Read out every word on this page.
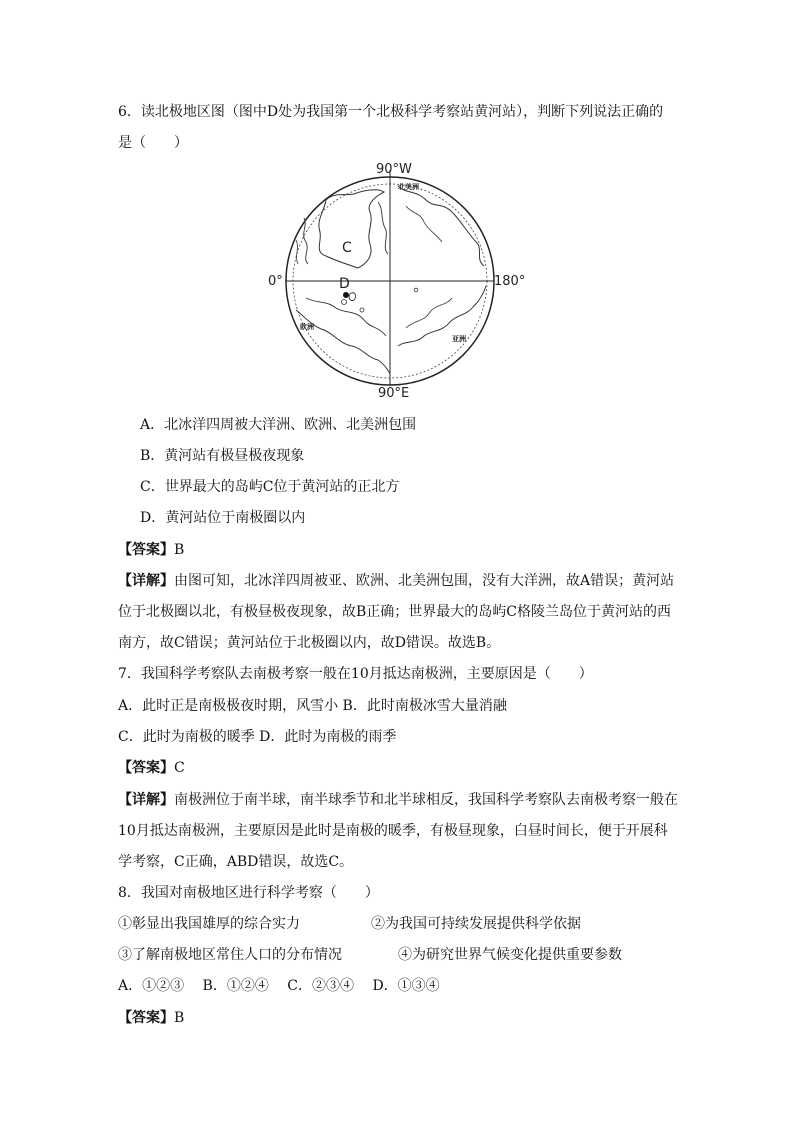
6．读北极地区图（图中D处为我国第一个北极科学考察站黄河站），判断下列说法正确的
是（　　）
90°W
90°E
0°	180°
C
D
北美洲
欧洲
亚洲
A．北冰洋四周被大洋洲、欧洲、北美洲包围
B．黄河站有极昼极夜现象
C．世界最大的岛屿C位于黄河站的正北方
D．黄河站位于南极圈以内
【答案】B
【详解】由图可知，北冰洋四周被亚、欧洲、北美洲包围，没有大洋洲，故A错误；黄河站
位于北极圈以北，有极昼极夜现象，故B正确；世界最大的岛屿C格陵兰岛位于黄河站的西
南方，故C错误；黄河站位于北极圈以内，故D错误。故选B。
7．我国科学考察队去南极考察一般在10月抵达南极洲，主要原因是（　　）
A．此时正是南极极夜时期，风雪小 B．此时南极冰雪大量消融
C．此时为南极的暖季 D．此时为南极的雨季
【答案】C
【详解】南极洲位于南半球，南半球季节和北半球相反，我国科学考察队去南极考察一般在
10月抵达南极洲，主要原因是此时是南极的暖季，有极昼现象，白昼时间长，便于开展科
学考察，C正确，ABD错误，故选C。
8．我国对南极地区进行科学考察（　　）
①彰显出我国雄厚的综合实力	②为我国可持续发展提供科学依据
③了解南极地区常住人口的分布情况	④为研究世界气候变化提供重要参数
A．①②③　 B．①②④　 C．②③④　 D．①③④
【答案】B
